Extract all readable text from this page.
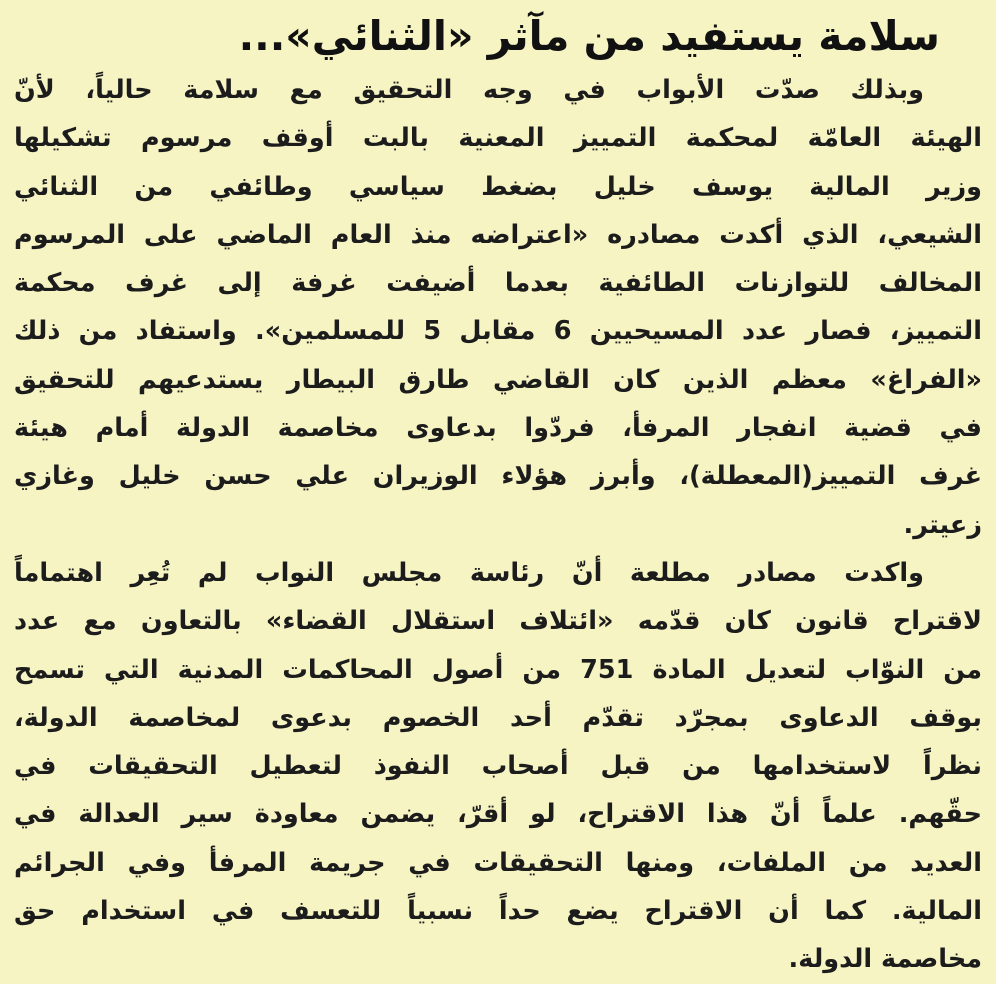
سلامة يستفيد من مآثر «الثنائي»...
وبذلك صدّت الأبواب في وجه التحقيق مع سلامة حالياً، لأنّ
الهيئة العامّة لمحكمة التمييز المعنية بالبت أوقف مرسوم تشكيلها
وزير المالية يوسف خليل بضغط سياسي وطائفي من الثنائي
الشيعي، الذي أكدت مصادره «اعتراضه منذ العام الماضي على المرسوم
المخالف للتوازنات الطائفية بعدما أضيفت غرفة إلى غرف محكمة
التمييز، فصار عدد المسيحيين 6 مقابل 5 للمسلمين». واستفاد من ذلك
«الفراغ» معظم الذين كان القاضي طارق البيطار يستدعيهم للتحقيق
في قضية انفجار المرفأ، فردّوا بدعاوى مخاصمة الدولة أمام هيئة
غرف التمييز(المعطلة)، وأبرز هؤلاء الوزيران علي حسن خليل وغازي
زعيتر.
واكدت مصادر مطلعة أنّ رئاسة مجلس النواب لم تُعِر اهتماماً
لاقتراح قانون كان قدّمه «ائتلاف استقلال القضاء» بالتعاون مع عدد
من النوّاب لتعديل المادة 751 من أصول المحاكمات المدنية التي تسمح
بوقف الدعاوى بمجرّد تقدّم أحد الخصوم بدعوى لمخاصمة الدولة،
نظراً لاستخدامها من قبل أصحاب النفوذ لتعطيل التحقيقات في
حقّهم. علماً أنّ هذا الاقتراح، لو أقرّ، يضمن معاودة سير العدالة في
العديد من الملفات، ومنها التحقيقات في جريمة المرفأ وفي الجرائم
المالية. كما أن الاقتراح يضع حداً نسبياً للتعسف في استخدام حق
مخاصمة الدولة.
